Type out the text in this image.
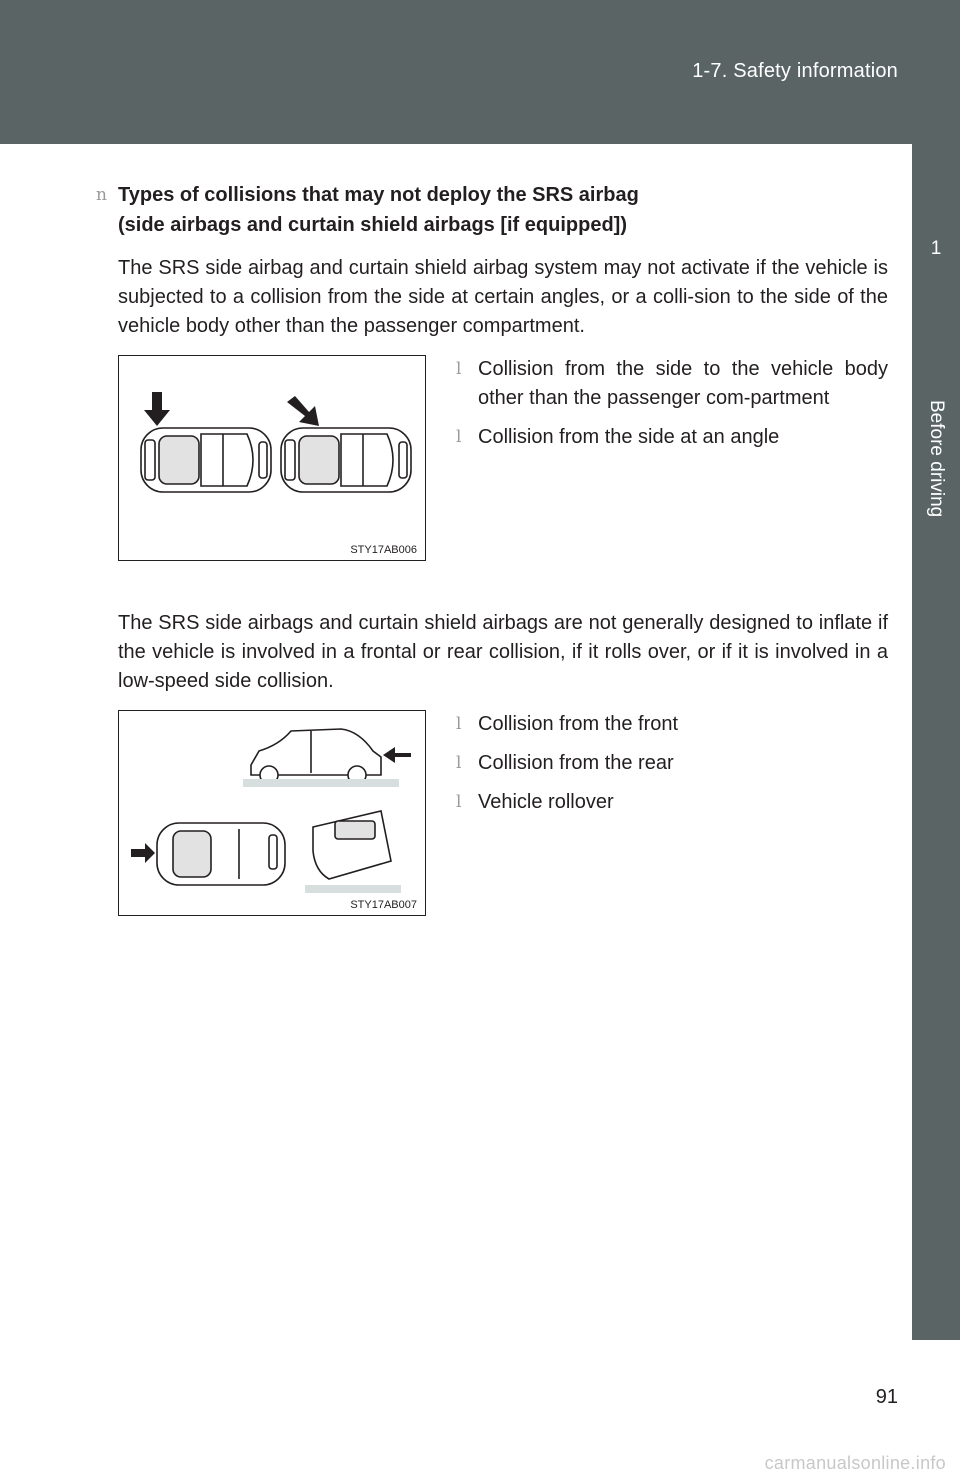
1-7. Safety information
1
Before driving
n Types of collisions that may not deploy the SRS airbag
(side airbags and curtain shield airbags [if equipped])

The SRS side airbag and curtain shield airbag system may not activate if the vehicle is subjected to a collision from the side at certain angles, or a colli-sion to the side of the vehicle body other than the passenger compartment.

STY17AB006
l Collision from the side to the vehicle body other than the passenger com-partment
l Collision from the side at an angle

The SRS side airbags and curtain shield airbags are not generally designed to inflate if the vehicle is involved in a frontal or rear collision, if it rolls over, or if it is involved in a low-speed side collision.

STY17AB007
l Collision from the front
l Collision from the rear
l Vehicle rollover
91
carmanualsonline.info
